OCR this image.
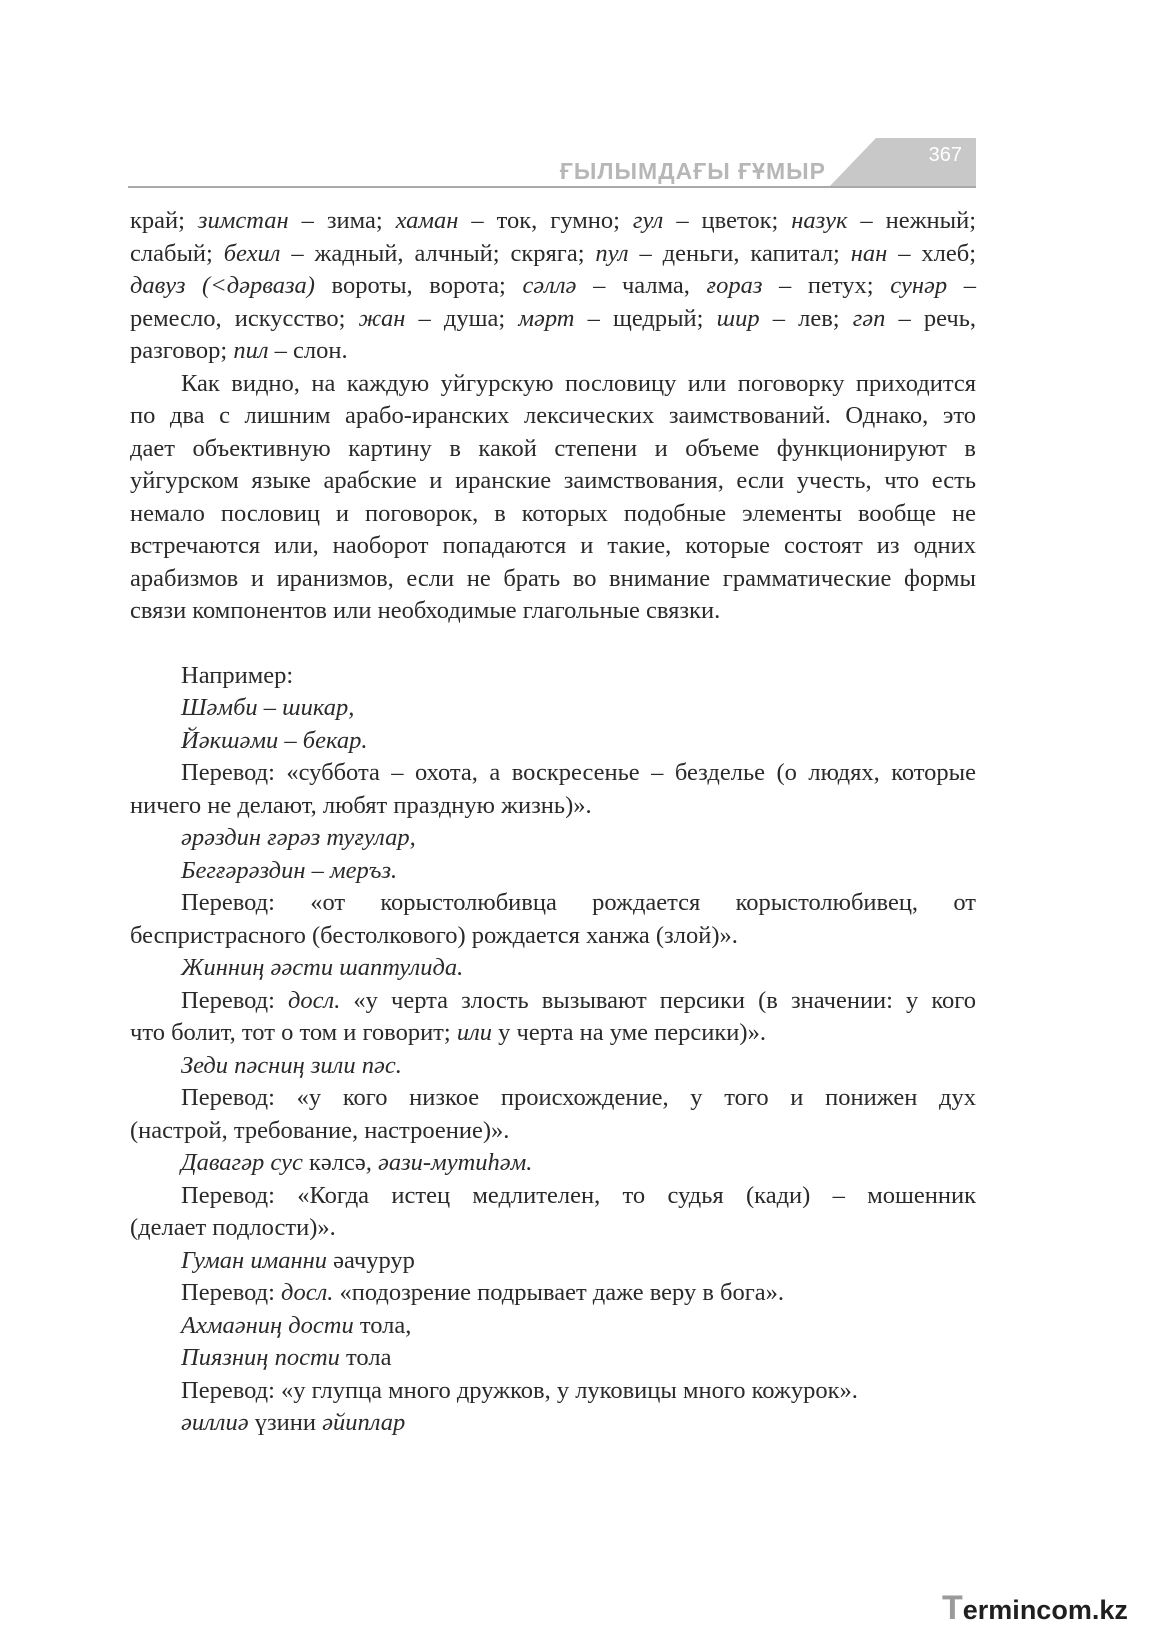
ҒЫЛЫМДАҒЫ ҒҰМЫР
367

край; зимстан – зима; хаман – ток, гумно; гул – цветок; назук – нежный;

слабый; бехил – жадный, алчный; скряга; пул – деньги, капитал; нан – хлеб;

давуз (<дәрваза) вороты, ворота; сәллә – чалма, ғораз – петух; сунәр –

ремесло, искусство; жан – душа; мәрт – щедрый; шир – лев; гәп – речь,

разговор; пил – слон.

Как видно, на каждую уйгурскую пословицу или поговорку приходится

по два с лишним арабо-иранских лексических заимствований. Однако, это

дает объективную картину в какой степени и объеме функционируют в

уйгурском языке арабские и иранские заимствования, если учесть, что есть

немало пословиц и поговорок, в которых подобные элементы вообще не

встречаются или, наоборот попадаются и такие, которые состоят из одних

арабизмов и иранизмов, если не брать во внимание грамматические формы

связи компонентов или необходимые глагольные связки.

Например:

Шәмби – шикар,

Йәкшәми – бекар.

Перевод: «суббота – охота, а воскресенье – безделье (о людях, которые

ничего не делают, любят праздную жизнь)».

әрәздин ғәрәз туғулар,

Бегғәрәздин – меръз.

Перевод: «от корыстолюбивца рождается корыстолюбивец, от

беспристрасного (бестолкового) рождается ханжа (злой)».

Жинниң әәсти шаптулида.

Перевод: досл. «у черта злость вызывают персики (в значении: у кого

что болит, тот о том и говорит; или у черта на уме персики)».

Зеди пәсниң зили пәс.

Перевод: «у кого низкое происхождение, у того и понижен дух

(настрой, требование, настроение)».

Давагәр сус кәлсә, әази-мутиһәм.

Перевод: «Когда истец медлителен, то судья (кади) – мошенник

(делает подлости)».

Гуман иманни әачурур

Перевод: досл. «подозрение подрывает даже веру в бога».

Ахмаәниң дости тола,

Пиязниң пости тола

Перевод: «у глупца много дружков, у луковицы много кожурок».

әиллиә үзини әйиплар

Termincom.kz
